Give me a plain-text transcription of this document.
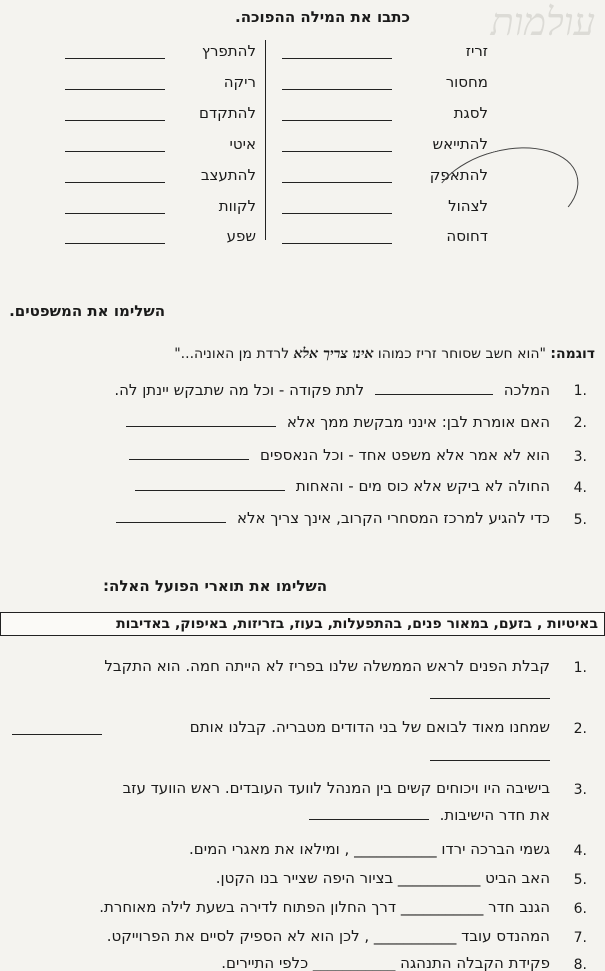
עולמות
כתבו את המילה ההפוכה.
זריז
מחסור
לסגת
להתייאש
להתאפק
לצהול
דחוסה
להתפרץ
ריקה
להתקדם
איטי
להתעצב
לקוות
שפע
השלימו את המשפטים.
דוגמה: "הוא חשב שסוחר זריז כמוהו אינו צריך אלא לרדת מן האוניה..."
1.
המלכה  לתת פקודה - וכל מה שתבקש יינתן לה.
2.
האם אומרת לבן: אינני מבקשת ממך אלא
3.
הוא לא אמר אלא משפט אחד - וכל הנאספים
4.
החולה לא ביקש אלא כוס מים - והאחות
5.
כדי להגיע למרכז המסחרי הקרוב, אינך צריך אלא
השלימו את תוארי הפועל האלה:
באיטיות , בזעם, במאור פנים, בהתפעלות, בעוז, בזריזות, באיפוק, באדיבות
1.
קבלת הפנים לראש הממשלה שלנו בפריז לא הייתה חמה. הוא התקבל
2.
שמחנו מאוד לבואם של בני הדודים מטבריה. קבלנו אותם
3.
בישיבה היו ויכוחים קשים בין המנהל לוועד העובדים. ראש הוועד עזב
את חדר הישיבות.
4.
גשמי הברכה ירדו ___________ , ומילאו את מאגרי המים.
5.
האב הביט ___________ בציור היפה שצייר בנו הקטן.
6.
הגנב חדר ___________ דרך החלון הפתוח לדירה בשעת לילה מאוחרת.
7.
המהנדס עובד ___________ , לכן הוא לא הספיק לסיים את הפרוייקט.
8.
פקידת הקבלה התנהגה ___________ כלפי התיירים.
